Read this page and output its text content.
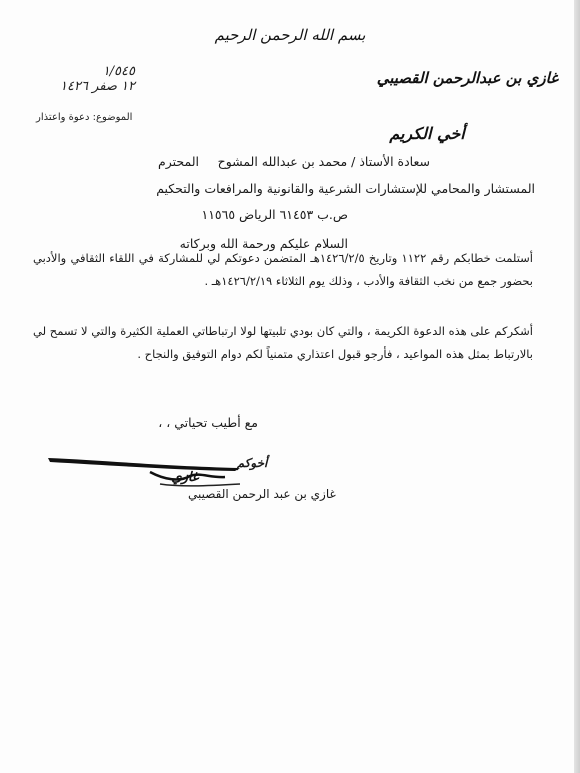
بسم الله الرحمن الرحيم
غازي بن عبدالرحمن القصيبي
١/٥٤٥
١٢ صفر ١٤٢٦
الموضوع: دعوة واعتذار
أخي الكريم
سعادة الأستاذ / محمد بن عبدالله المشوح
المحترم
المستشار والمحامي للإستشارات الشرعية والقانونية والمرافعات والتحكيم
ص.ب ٦١٤٥٣ الرياض ١١٥٦٥
السلام عليكم ورحمة الله وبركاته
أستلمت خطابكم رقم ١١٢٢ وتاريخ ١٤٢٦/٢/٥هـ المتضمن دعوتكم لي للمشاركة في اللقاء الثقافي والأدبي بحضور جمع من نخب الثقافة والأدب ، وذلك يوم الثلاثاء ١٤٢٦/٢/١٩هـ .
أشكركم على هذه الدعوة الكريمة ، والتي كان بودي تلبيتها لولا ارتباطاتي العملية الكثيرة والتي لا تسمح لي بالارتباط بمثل هذه المواعيد ، فأرجو قبول اعتذاري متمنياً لكم دوام التوفيق والنجاح .
مع أطيب تحياتي ، ،
أخوكم
غازي
غازي بن عبد الرحمن القصيبي
